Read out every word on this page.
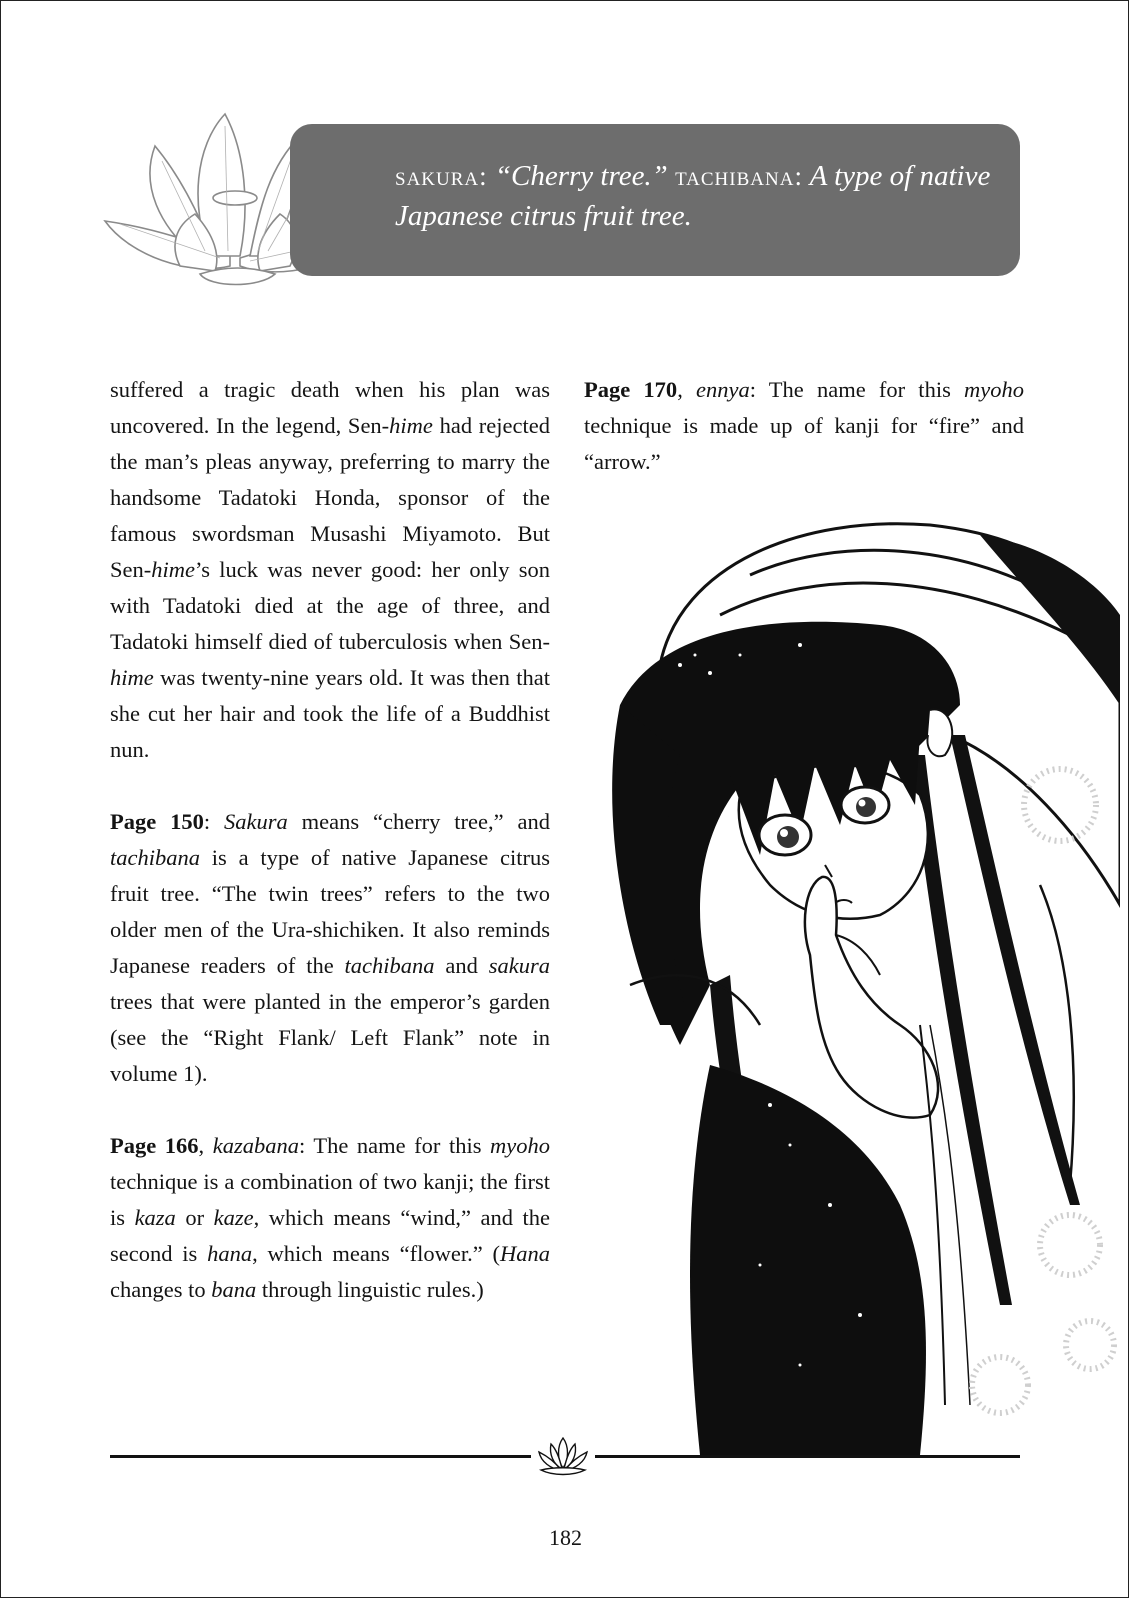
sakura: “Cherry tree.” tachibana: A type of native Japanese citrus fruit tree.

suffered a tragic death when his plan was uncovered. In the legend, Sen-hime had rejected the man’s pleas anyway, preferring to marry the handsome Tadatoki Honda, sponsor of the famous swordsman Musashi Miyamoto. But Sen-hime’s luck was never good: her only son with Tadatoki died at the age of three, and Tadatoki himself died of tuberculosis when Sen-hime was twenty-nine years old. It was then that she cut her hair and took the life of a Buddhist nun.

Page 150: Sakura means “cherry tree,” and tachibana is a type of native Japanese citrus fruit tree. “The twin trees” refers to the two older men of the Ura-shichiken. It also reminds Japanese readers of the tachibana and sakura trees that were planted in the emperor’s garden (see the “Right Flank/ Left Flank” note in volume 1).

Page 166, kazabana: The name for this myoho technique is a combination of two kanji; the first is kaza or kaze, which means “wind,” and the second is hana, which means “flower.” (Hana changes to bana through linguistic rules.)

Page 170, ennya: The name for this myoho technique is made up of kanji for “fire” and “arrow.”

182
